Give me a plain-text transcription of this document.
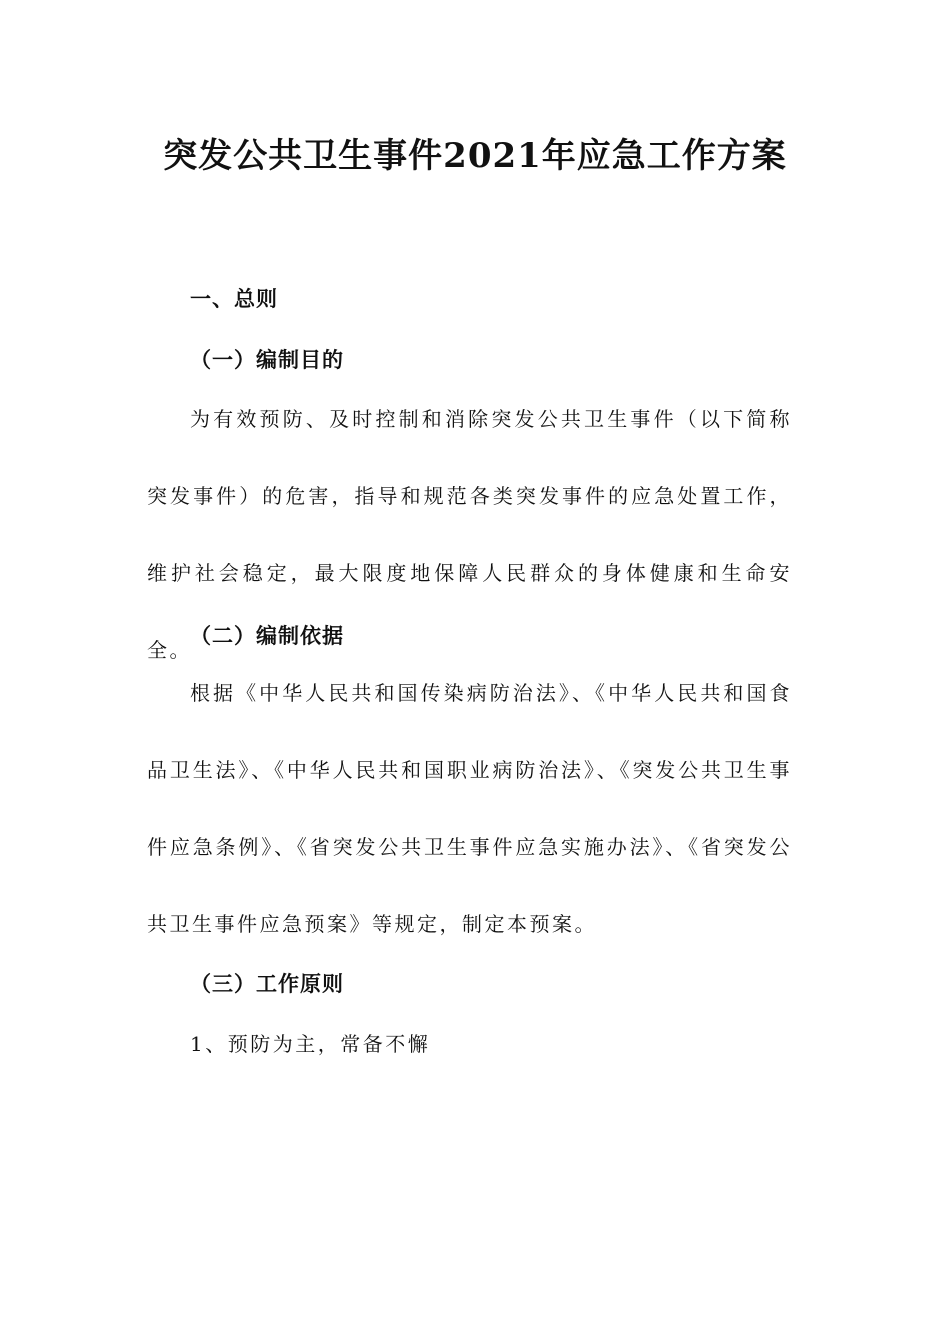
突发公共卫生事件2021年应急工作方案
一、总则
（一）编制目的

为有效预防、及时控制和消除突发公共卫生事件（以下简称突发事件）的危害，指导和规范各类突发事件的应急处置工作，维护社会稳定，最大限度地保障人民群众的身体健康和生命安全。

（二）编制依据

根据《中华人民共和国传染病防治法》、《中华人民共和国食品卫生法》、《中华人民共和国职业病防治法》、《突发公共卫生事件应急条例》、《省突发公共卫生事件应急实施办法》、《省突发公共卫生事件应急预案》等规定，制定本预案。

（三）工作原则
1、预防为主，常备不懈
